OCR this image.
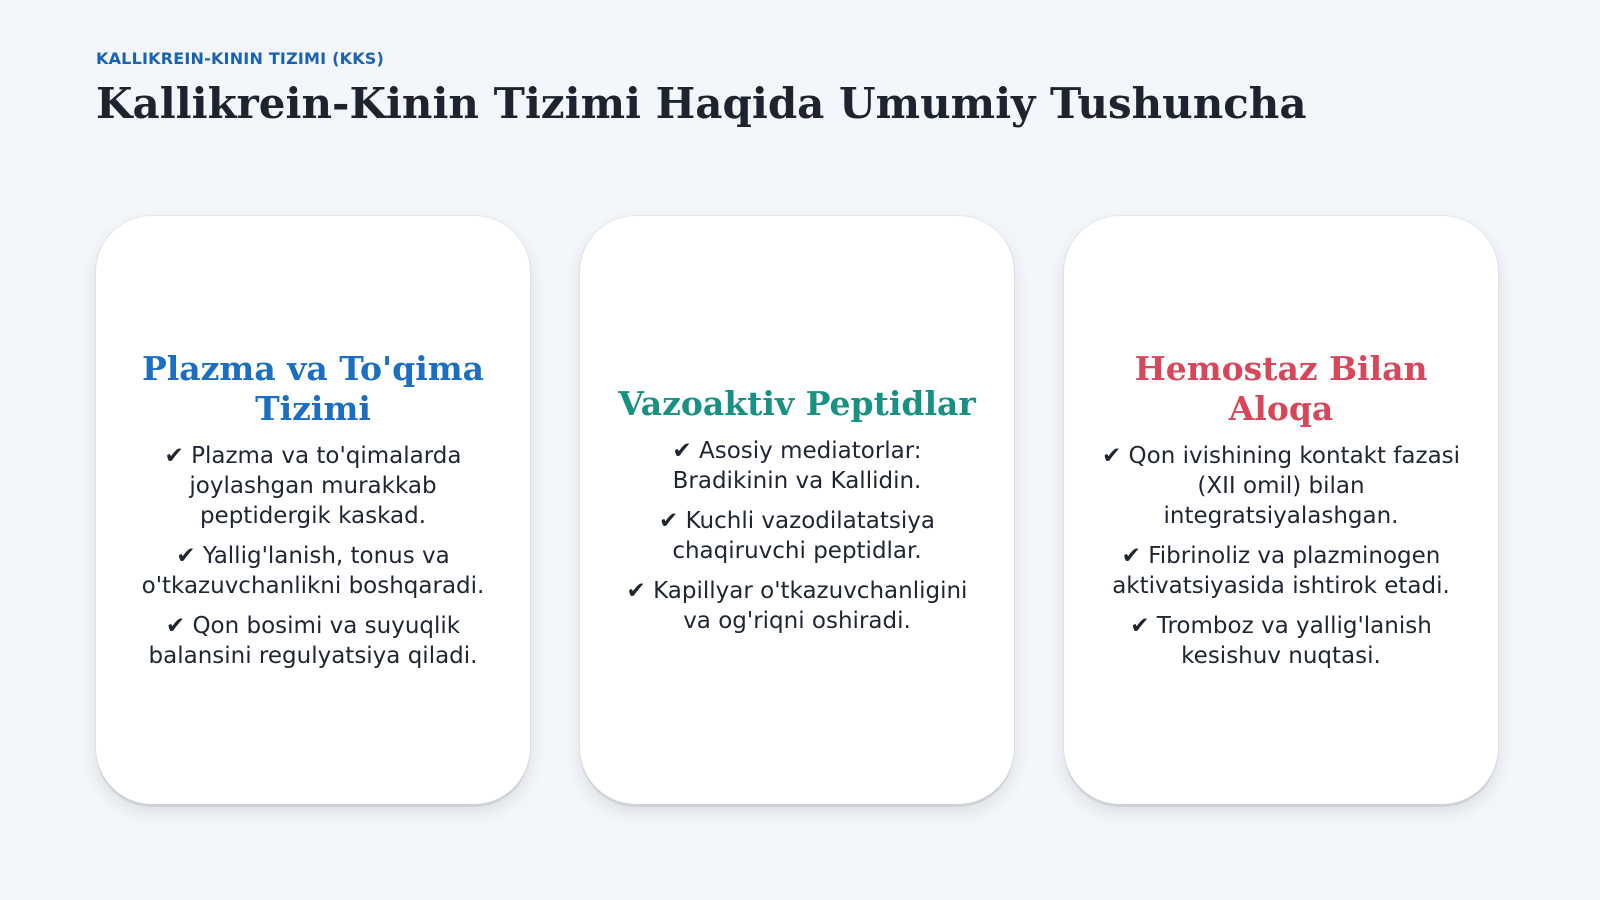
KALLIKREIN-KININ TIZIMI (KKS)
Kallikrein-Kinin Tizimi Haqida Umumiy Tushuncha
Plazma va To'qima Tizimi
✔ Plazma va to'qimalarda joylashgan murakkab peptidergik kaskad.
✔ Yallig'lanish, tonus va o'tkazuvchanlikni boshqaradi.
✔ Qon bosimi va suyuqlik balansini regulyatsiya qiladi.
Vazoaktiv Peptidlar
✔ Asosiy mediatorlar: Bradikinin va Kallidin.
✔ Kuchli vazodilatatsiya chaqiruvchi peptidlar.
✔ Kapillyar o'tkazuvchanligini va og'riqni oshiradi.
Hemostaz Bilan Aloqa
✔ Qon ivishining kontakt fazasi (XII omil) bilan integratsiyalashgan.
✔ Fibrinoliz va plazminogen aktivatsiyasida ishtirok etadi.
✔ Tromboz va yallig'lanish kesishuv nuqtasi.
